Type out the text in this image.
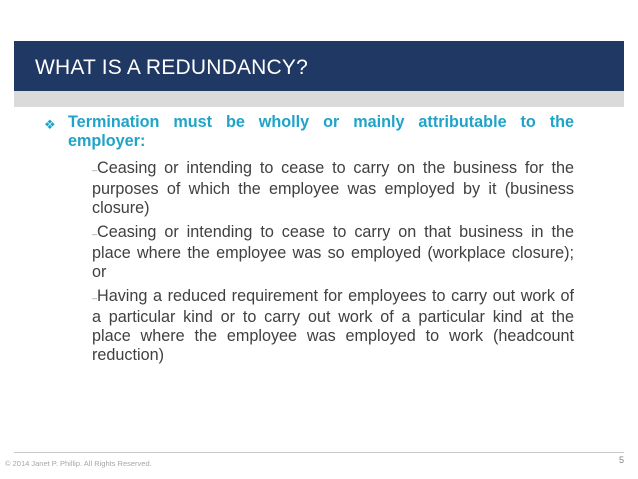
WHAT IS A REDUNDANCY?
❖ Termination must be wholly or mainly attributable to the employer:
–Ceasing or intending to cease to carry on the business for the purposes of which the employee was employed by it (business closure)
–Ceasing or intending to cease to carry on that business in the place where the employee was so employed (workplace closure); or
–Having a reduced requirement for employees to carry out work of a particular kind or to carry out work of a particular kind at the place where the employee was employed to work (headcount reduction)
© 2014 Janet P. Phillip. All Rights Reserved.	5
